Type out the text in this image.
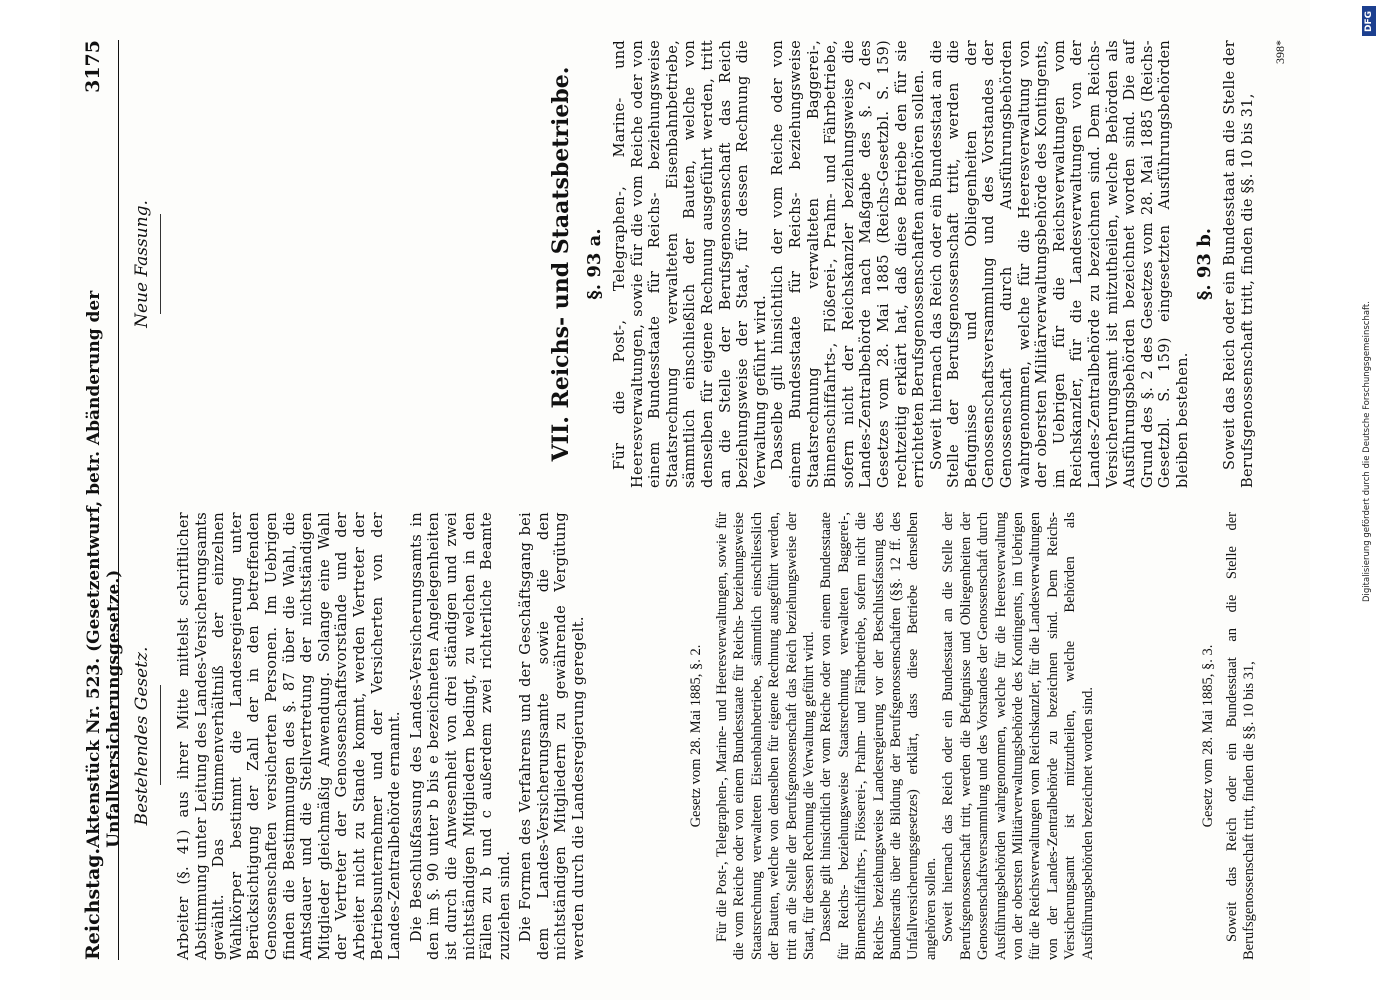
Reichstag.
Aktenstück Nr. 523. (Gesetzentwurf, betr. Abänderung der Unfallversicherungsgesetze.)
3175
Bestehendes Gesetz. Arbeiter (§. 41) aus ihrer Mitte mittelst schriftlicher Abstimmung unter Leitung des Landes-Versicherungsamts gewählt. Das Stimmenverhältniß der einzelnen Wahlkörper bestimmt die Landesregierung unter Berücksichtigung der Zahl der in den betreffenden Genossenschaften versicherten Personen. Im Uebrigen finden die Bestimmungen des §. 87 über die Wahl, die Amtsdauer und die Stellvertretung der nichtständigen Mitglieder gleichmäßig Anwendung. Solange eine Wahl der Vertreter der Genossenschaftsvorstände und der Arbeiter nicht zu Stande kommt, werden Vertreter der Betriebsunternehmer und der Versicherten von der Landes-Zentralbehörde ernannt. Die Beschlußfassung des Landes-Versicherungsamts in den im §. 90 unter b bis e bezeichneten Angelegenheiten ist durch die Anwesenheit von drei ständigen und zwei nichtständigen Mitgliedern bedingt, zu welchen in den Fällen zu b und c außerdem zwei richterliche Beamte zuziehen sind. Die Formen des Verfahrens und der Geschäftsgang bei dem Landes-Versicherungsamte sowie die den nichtständigen Mitgliedern zu gewährende Vergütung werden durch die Landesregierung geregelt.	Gesetz vom 28. Mai 1885, §. 2. Für die Post-, Telegraphen-, Marine- und Heeresverwaltungen, sowie für die vom Reiche oder von einem Bundesstaate für Reichs- beziehungsweise Staatsrechnung verwalteten Eisenbahnbetriebe, sämmtlich einschliesslich der Bauten, welche von denselben für eigene Rechnung ausgeführt werden, tritt an die Stelle der Berufsgenossenschaft das Reich beziehungsweise der Staat, für dessen Rechnung die Verwaltung geführt wird. Dasselbe gilt hinsichtlich der vom Reiche oder von einem Bundesstaate für Reichs- beziehungsweise Staatsrechnung verwalteten Baggerei-, Binnenschiffahrts-, Flösserei-, Prahm- und Fährbetriebe, sofern nicht die Reichs- beziehungsweise Landesregierung vor der Beschlussfassung des Bundesraths über die Bildung der Berufsgenossenschaften (§§. 12 ff. des Unfallversicherungsgesetzes) erklärt, dass diese Betriebe denselben angehören sollen. Soweit hiernach das Reich oder ein Bundesstaat an die Stelle der Berufsgenossenschaft tritt, werden die Befugnisse und Obliegenheiten der Genossenschaftsversammlung und des Vorstandes der Genossenschaft durch Ausführungsbehörden wahrgenommen, welche für die Heeresverwaltung von der obersten Militärverwaltungsbehörde des Kontingents, im Uebrigen für die Reichsverwaltungen vom Reichskanzler, für die Landesverwaltungen von der Landes-Zentralbehörde zu bezeichnen sind. Dem Reichs-Versicherungsamt ist mitzutheilen, welche Behörden als Ausführungsbehörden bezeichnet worden sind.	Gesetz vom 28. Mai 1885, §. 3. Soweit das Reich oder ein Bundesstaat an die Stelle der Berufsgenossenschaft tritt, finden die §§. 10 bis 31,

Neue Fassung.	VII. Reichs- und Staatsbetriebe. §. 93 a. Für die Post-, Telegraphen-, Marine- und Heeresverwaltungen, sowie für die vom Reiche oder von einem Bundesstaate für Reichs- beziehungsweise Staatsrechnung verwalteten Eisenbahnbetriebe, sämmtlich einschließlich der Bauten, welche von denselben für eigene Rechnung ausgeführt werden, tritt an die Stelle der Berufsgenossenschaft das Reich beziehungsweise der Staat, für dessen Rechnung die Verwaltung geführt wird. Dasselbe gilt hinsichtlich der vom Reiche oder von einem Bundesstaate für Reichs- beziehungsweise Staatsrechnung verwalteten Baggerei-, Binnenschiffahrts-, Flößerei-, Prahm- und Fährbetriebe, sofern nicht der Reichskanzler beziehungsweise die Landes-Zentralbehörde nach Maßgabe des §. 2 des Gesetzes vom 28. Mai 1885 (Reichs-Gesetzbl. S. 159) rechtzeitig erklärt hat, daß diese Betriebe den für sie errichteten Berufsgenossenschaften angehören sollen. Soweit hiernach das Reich oder ein Bundesstaat an die Stelle der Berufsgenossenschaft tritt, werden die Befugnisse und Obliegenheiten der Genossenschaftsversammlung und des Vorstandes der Genossenschaft durch Ausführungsbehörden wahrgenommen, welche für die Heeresverwaltung von der obersten Militärverwaltungsbehörde des Kontingents, im Uebrigen für die Reichsverwaltungen vom Reichskanzler, für die Landesverwaltungen von der Landes-Zentralbehörde zu bezeichnen sind. Dem Reichs-Versicherungsamt ist mitzutheilen, welche Behörden als Ausführungsbehörden bezeichnet worden sind. Die auf Grund des §. 2 des Gesetzes vom 28. Mai 1885 (Reichs-Gesetzbl. S. 159) eingesetzten Ausführungsbehörden bleiben bestehen.

§. 93 b. Soweit das Reich oder ein Bundesstaat an die Stelle der Berufsgenossenschaft tritt, finden die §§. 10 bis 31,

398*
DFG
Digitalisierung gefördert durch die Deutsche Forschungsgemeinschaft.
